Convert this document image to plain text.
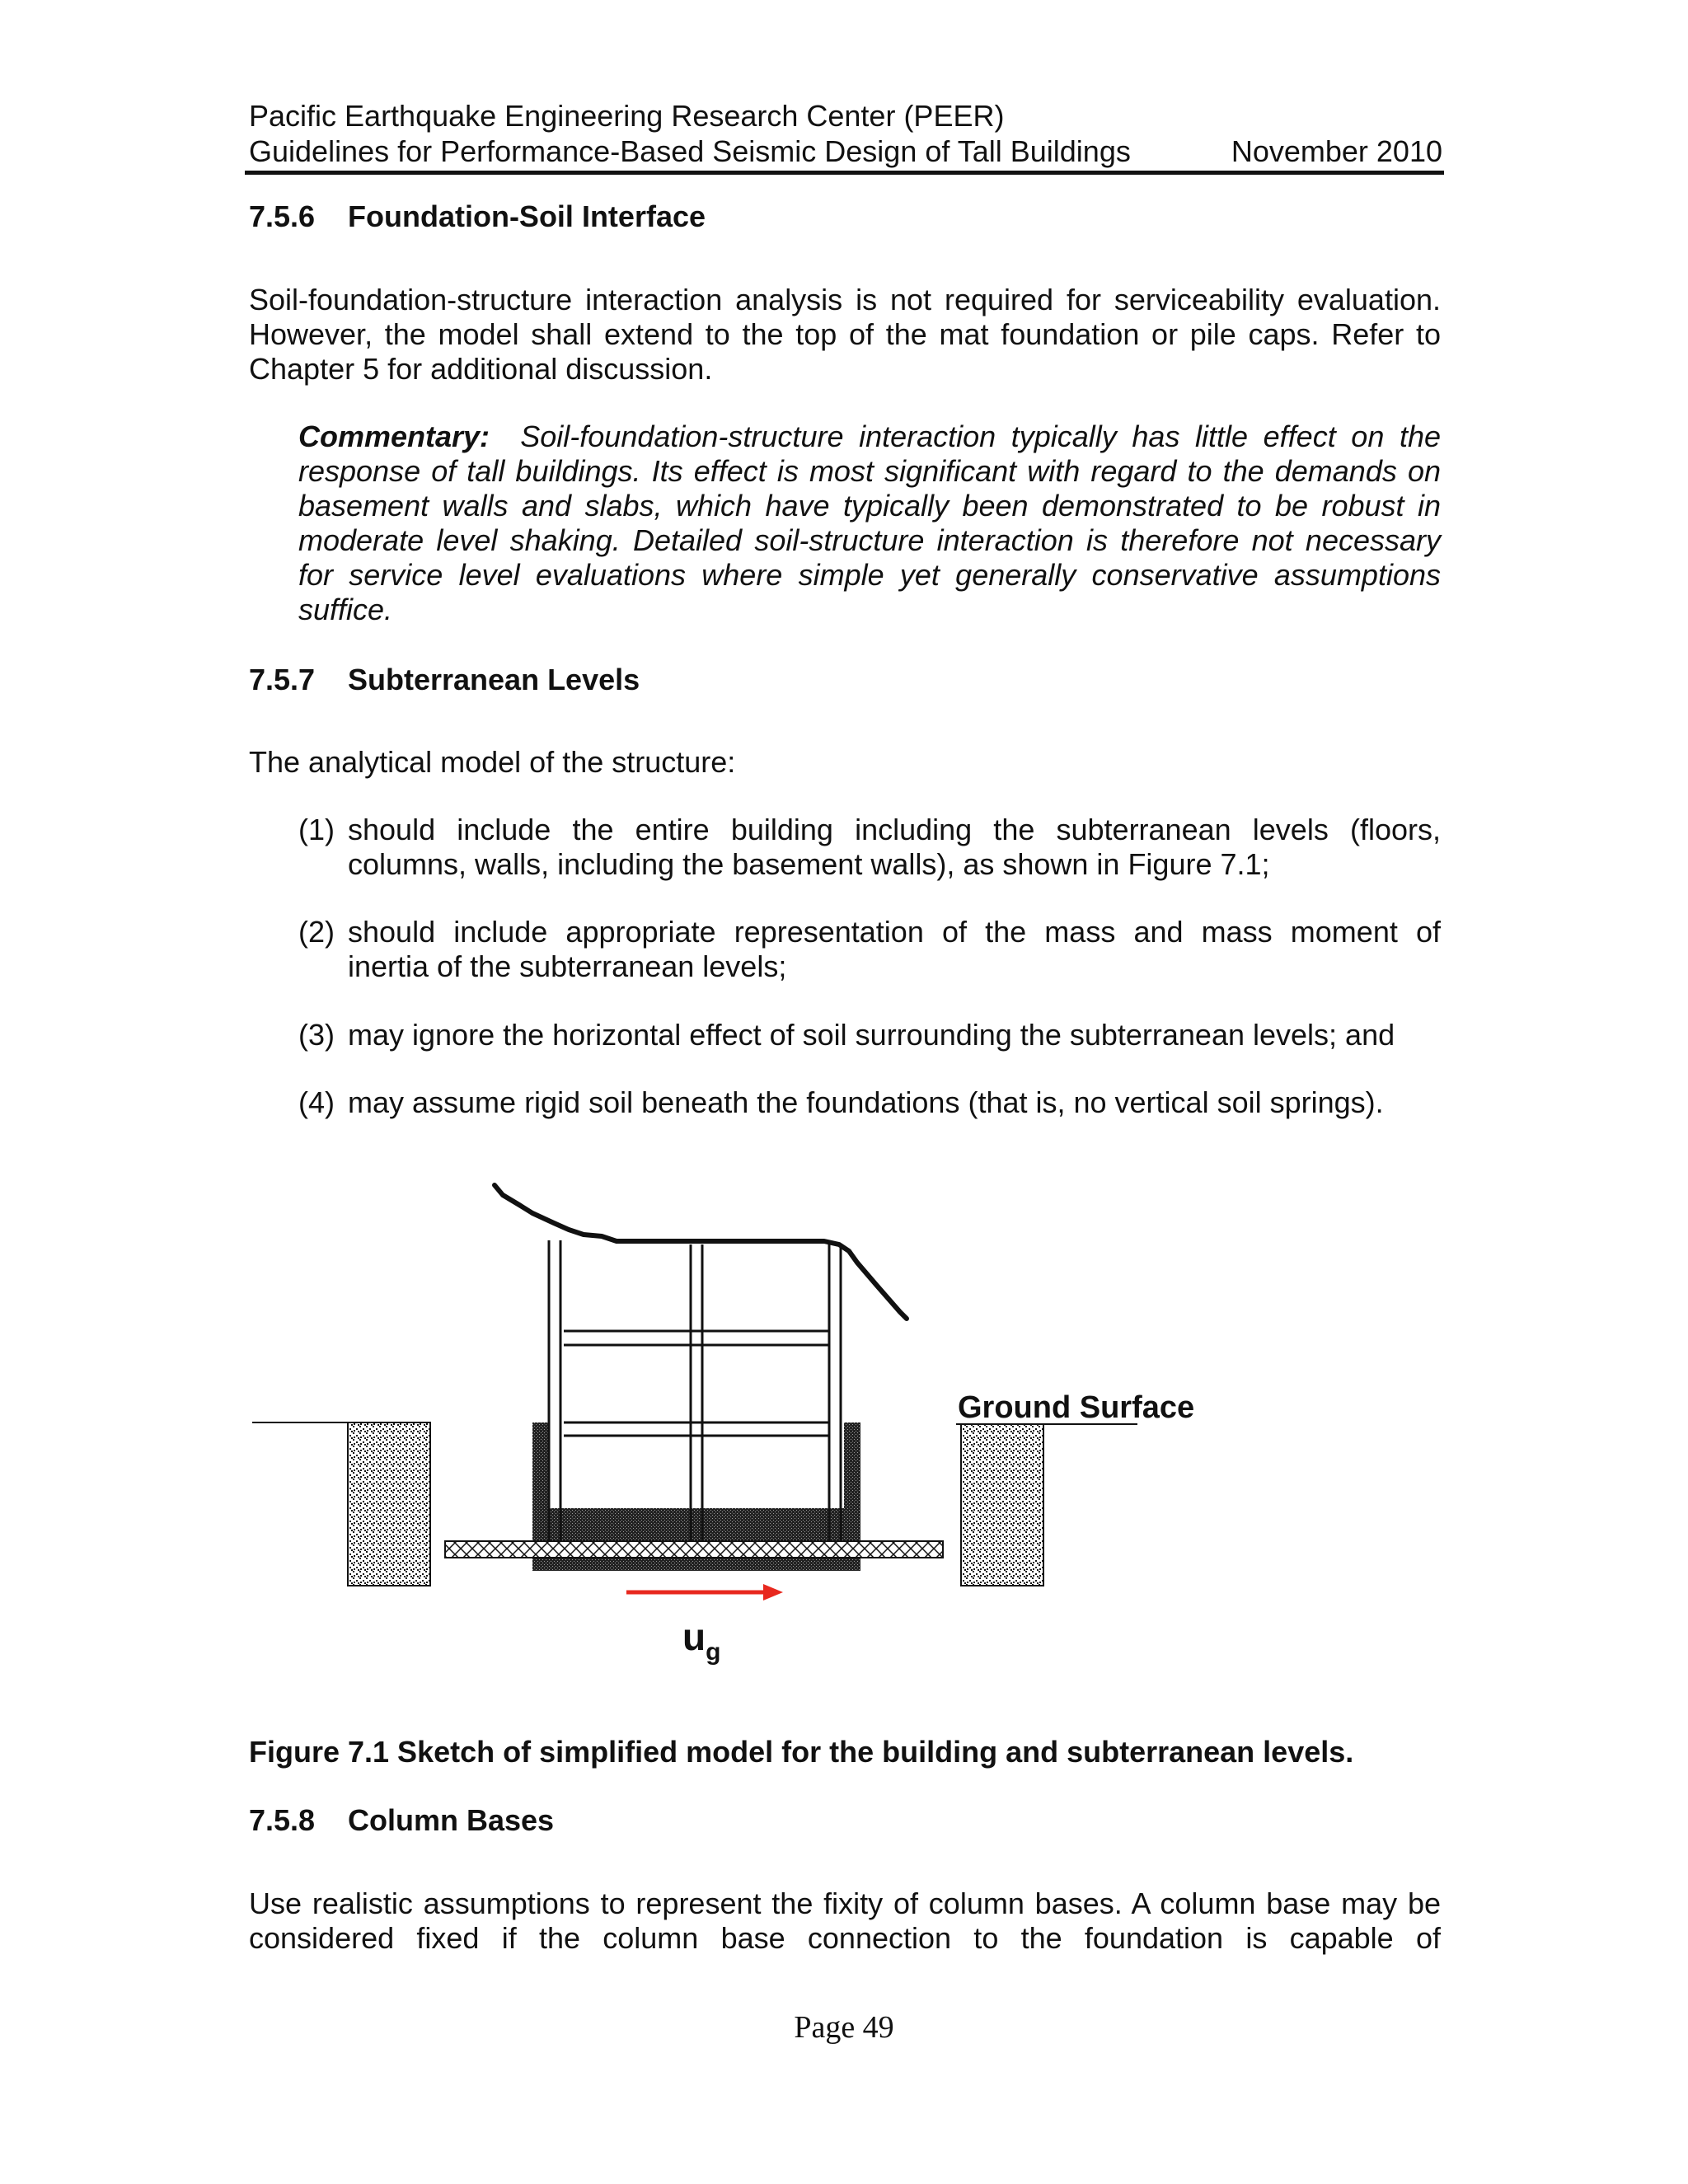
Pacific Earthquake Engineering Research Center (PEER)
Guidelines for Performance-Based Seismic Design of Tall Buildings	November 2010
7.5.6 Foundation-Soil Interface
Soil-foundation-structure interaction analysis is not required for serviceability evaluation.
However, the model shall extend to the top of the mat foundation or pile caps. Refer to
Chapter 5 for additional discussion.
Commentary: Soil-foundation-structure interaction typically has little effect on the
response of tall buildings. Its effect is most significant with regard to the demands on
basement walls and slabs, which have typically been demonstrated to be robust in
moderate level shaking. Detailed soil-structure interaction is therefore not necessary
for service level evaluations where simple yet generally conservative assumptions
suffice.
7.5.7 Subterranean Levels
The analytical model of the structure:
(1) should include the entire building including the subterranean levels (floors,
columns, walls, including the basement walls), as shown in Figure 7.1;
(2) should include appropriate representation of the mass and mass moment of
inertia of the subterranean levels;
(3) may ignore the horizontal effect of soil surrounding the subterranean levels; and
(4) may assume rigid soil beneath the foundations (that is, no vertical soil springs).
Ground Surface
$u_g$
Figure 7.1 Sketch of simplified model for the building and subterranean levels.
7.5.8 Column Bases
Use realistic assumptions to represent the fixity of column bases. A column base may be
considered fixed if the column base connection to the foundation is capable of
Page 49
